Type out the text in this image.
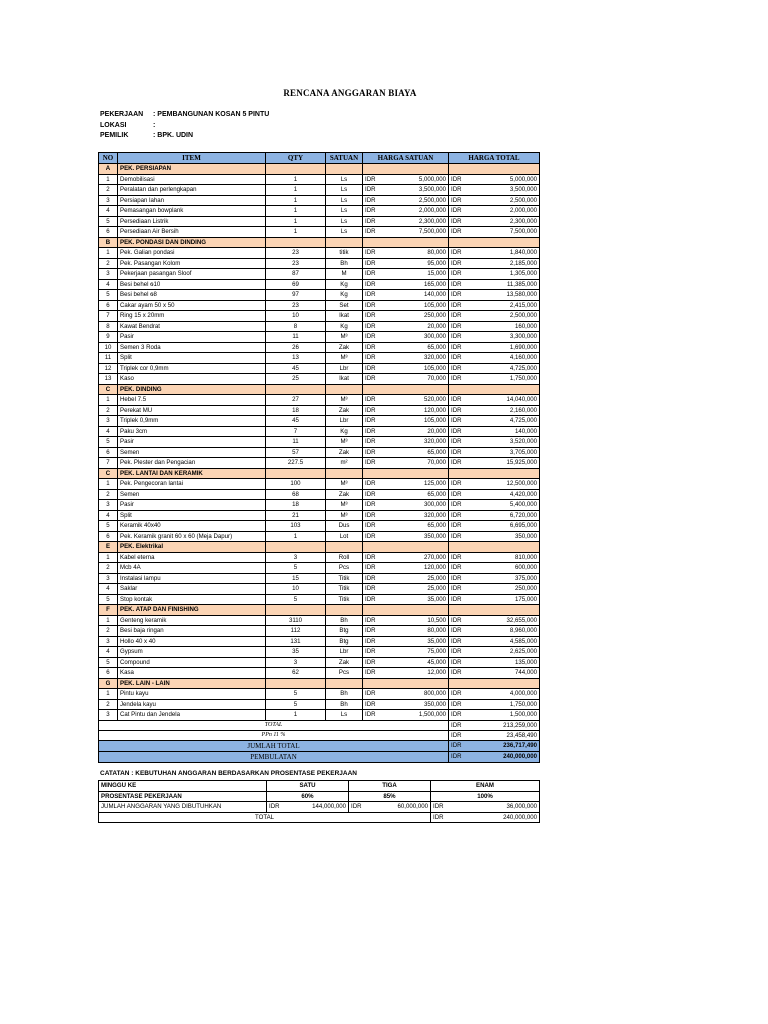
RENCANA ANGGARAN BIAYA
PEKERJAAN : PEMBANGUNAN KOSAN 5 PINTU
LOKASI	:
PEMILIK	: BPK. UDIN
NO	ITEM	QTY	SATUAN	HARGA SATUAN		HARGA TOTAL	
A	PEK. PERSIAPAN						
1	Demobilisasi	1	Ls	IDR	5,000,000	IDR	5,000,000
2	Peralatan dan perlengkapan	1	Ls	IDR	3,500,000	IDR	3,500,000
3	Persiapan lahan	1	Ls	IDR	2,500,000	IDR	2,500,000
4	Pemasangan bowplank	1	Ls	IDR	2,000,000	IDR	2,000,000
5	Persediaan Listrik	1	Ls	IDR	2,300,000	IDR	2,300,000
6	Persediaan Air Bersih	1	Ls	IDR	7,500,000	IDR	7,500,000
B	PEK. PONDASI DAN DINDING						
1	Pek. Galian pondasi	23	titik	IDR	80,000	IDR	1,840,000
2	Pek. Pasangan Kolom	23	Bh	IDR	95,000	IDR	2,185,000
3	Pekerjaan pasangan Sloof	87	M	IDR	15,000	IDR	1,305,000
4	Besi behel ѳ10	69	Kg	IDR	165,000	IDR	11,385,000
5	Besi behel ѳ8	97	Kg	IDR	140,000	IDR	13,580,000
6	Cakar ayam 50 x 50	23	Set	IDR	105,000	IDR	2,415,000
7	Ring 15 x 20mm	10	Ikat	IDR	250,000	IDR	2,500,000
8	Kawat Bendrat	8	Kg	IDR	20,000	IDR	160,000
9	Pasir	11	M³	IDR	300,000	IDR	3,300,000
10	Semen 3 Roda	26	Zak	IDR	65,000	IDR	1,690,000
11	Split	13	M³	IDR	320,000	IDR	4,160,000
12	Triplek cor 0,9mm	45	Lbr	IDR	105,000	IDR	4,725,000
13	Kaso	25	Ikat	IDR	70,000	IDR	1,750,000
C	PEK. DINDING						
1	Hebel 7.5	27	M³	IDR	520,000	IDR	14,040,000
2	Perekat MU	18	Zak	IDR	120,000	IDR	2,160,000
3	Triplek 0,9mm	45	Lbr	IDR	105,000	IDR	4,725,000
4	Paku 3cm	7	Kg	IDR	20,000	IDR	140,000
5	Pasir	11	M³	IDR	320,000	IDR	3,520,000
6	Semen	57	Zak	IDR	65,000	IDR	3,705,000
7	Pek. Plester dan Pengacian	227.5	m²	IDR	70,000	IDR	15,925,000
C	PEK. LANTAI DAN KERAMIK						
1	Pek. Pengecoran lantai	100	M³	IDR	125,000	IDR	12,500,000
2	Semen	68	Zak	IDR	65,000	IDR	4,420,000
3	Pasir	18	M³	IDR	300,000	IDR	5,400,000
4	Split	21	M³	IDR	320,000	IDR	6,720,000
5	Keramik 40x40	103	Dus	IDR	65,000	IDR	6,695,000
6	Pek. Keramik granit 60 x 60 (Meja Dapur)	1	Lot	IDR	350,000	IDR	350,000
E	PEK. Elektrikal						
1	Kabel eterna	3	Roll	IDR	270,000	IDR	810,000
2	Mcb 4A	5	Pcs	IDR	120,000	IDR	600,000
3	Instalasi lampu	15	Titik	IDR	25,000	IDR	375,000
4	Saklar	10	Titik	IDR	25,000	IDR	250,000
5	Stop kontak	5	Titik	IDR	35,000	IDR	175,000
F	PEK. ATAP DAN FINISHING						
1	Genteng keramik	3110	Bh	IDR	10,500	IDR	32,655,000
2	Besi baja ringan	112	Btg	IDR	80,000	IDR	8,960,000
3	Hollo 40 x 40	131	Btg	IDR	35,000	IDR	4,585,000
4	Gypsum	35	Lbr	IDR	75,000	IDR	2,625,000
5	Compound	3	Zak	IDR	45,000	IDR	135,000
6	Kasa	62	Pcs	IDR	12,000	IDR	744,000
G	PEK. LAIN - LAIN						
1	Pintu kayu	5	Bh	IDR	800,000	IDR	4,000,000
2	Jendela kayu	5	Bh	IDR	350,000	IDR	1,750,000
3	Cat Pintu dan Jendela	1	Ls	IDR	1,500,000	IDR	1,500,000
TOTAL						IDR	213,259,000
PPn 11 %						IDR	23,458,490
JUMLAH TOTAL						IDR	236,717,490
PEMBULATAN						IDR	240,000,000
CATATAN : KEBUTUHAN ANGGARAN BERDASARKAN PROSENTASE PEKERJAAN
MINGGU KE	SATU		TIGA		ENAM	
PROSENTASE PEKERJAAN	60%		85%		100%	
JUMLAH ANGGARAN YANG DIBUTUHKAN	IDR	144,000,000	IDR	60,000,000	IDR	36,000,000
TOTAL					IDR	240,000,000
